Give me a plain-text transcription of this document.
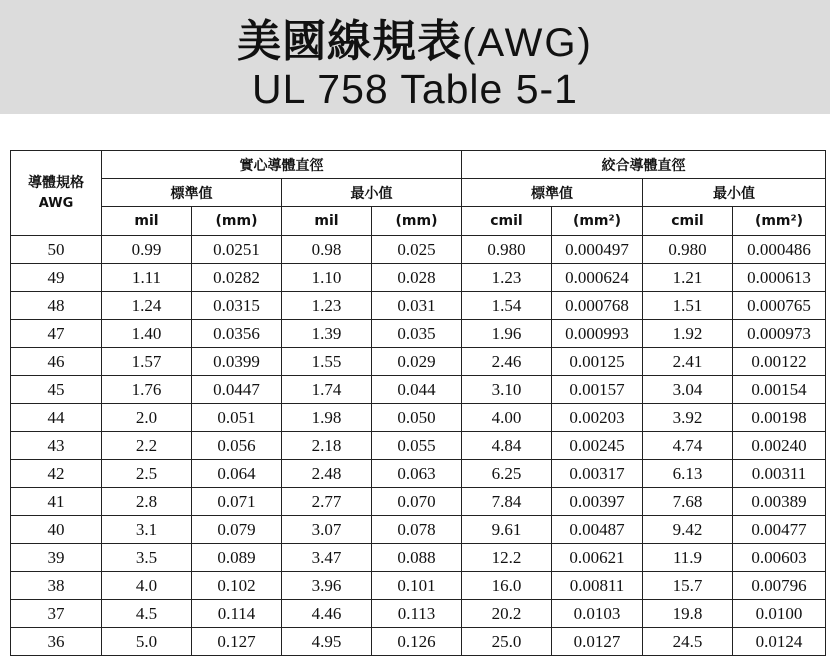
美國線規表(AWG)
UL 758 Table 5-1
導體規格
AWG	實心導體直徑				絞合導體直徑			
	標準值		最小值		標準值		最小值	
	mil	(mm)	mil	(mm)	cmil	(mm²)	cmil	(mm²)
50	0.99	0.0251	0.98	0.025	0.980	0.000497	0.980	0.000486
49	1.11	0.0282	1.10	0.028	1.23	0.000624	1.21	0.000613
48	1.24	0.0315	1.23	0.031	1.54	0.000768	1.51	0.000765
47	1.40	0.0356	1.39	0.035	1.96	0.000993	1.92	0.000973
46	1.57	0.0399	1.55	0.029	2.46	0.00125	2.41	0.00122
45	1.76	0.0447	1.74	0.044	3.10	0.00157	3.04	0.00154
44	2.0	0.051	1.98	0.050	4.00	0.00203	3.92	0.00198
43	2.2	0.056	2.18	0.055	4.84	0.00245	4.74	0.00240
42	2.5	0.064	2.48	0.063	6.25	0.00317	6.13	0.00311
41	2.8	0.071	2.77	0.070	7.84	0.00397	7.68	0.00389
40	3.1	0.079	3.07	0.078	9.61	0.00487	9.42	0.00477
39	3.5	0.089	3.47	0.088	12.2	0.00621	11.9	0.00603
38	4.0	0.102	3.96	0.101	16.0	0.00811	15.7	0.00796
37	4.5	0.114	4.46	0.113	20.2	0.0103	19.8	0.0100
36	5.0	0.127	4.95	0.126	25.0	0.0127	24.5	0.0124
